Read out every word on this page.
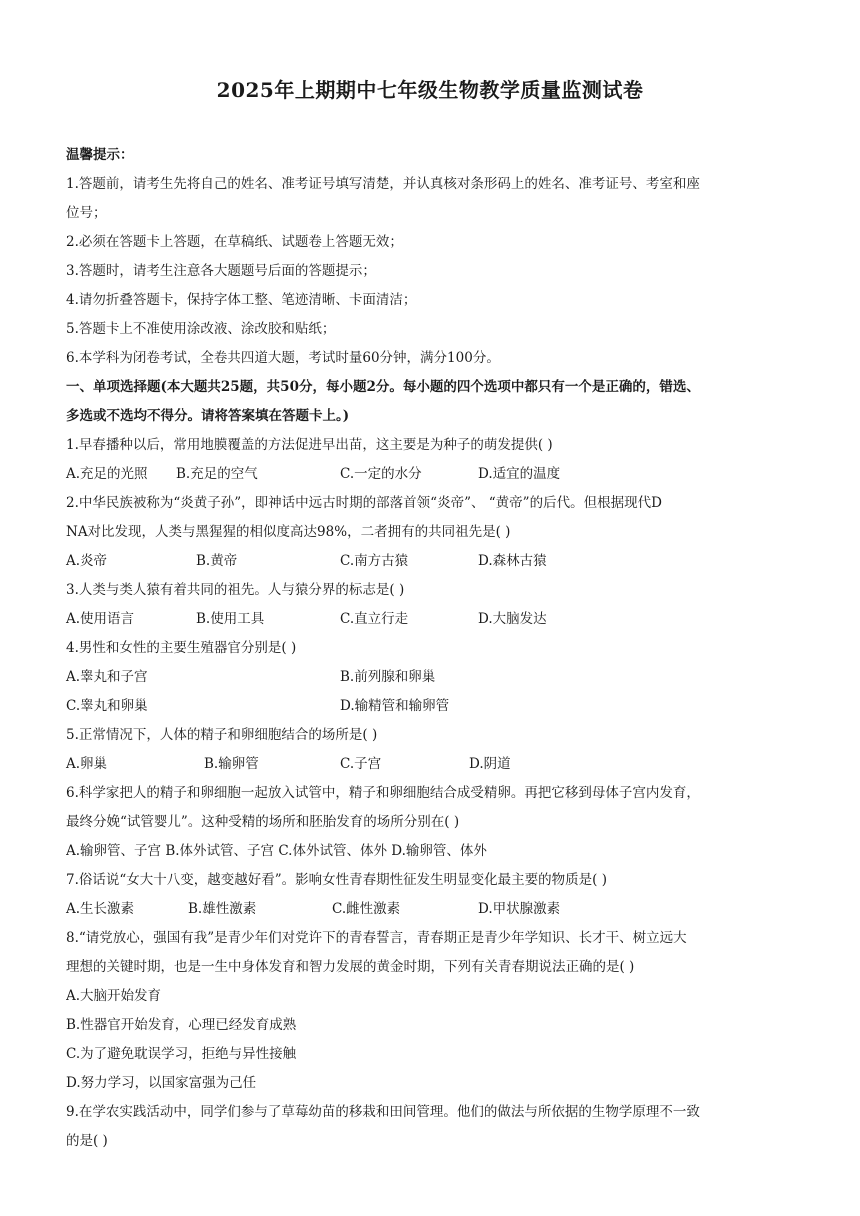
2025年上期期中七年级生物教学质量监测试卷
温馨提示：
1.答题前，请考生先将自己的姓名、准考证号填写清楚，并认真核对条形码上的姓名、准考证号、考室和座
位号；
2.必须在答题卡上答题，在草稿纸、试题卷上答题无效；
3.答题时，请考生注意各大题题号后面的答题提示；
4.请勿折叠答题卡，保持字体工整、笔迹清晰、卡面清洁；
5.答题卡上不准使用涂改液、涂改胶和贴纸；
6.本学科为闭卷考试，全卷共四道大题，考试时量60分钟，满分100分。
一、单项选择题(本大题共25题，共50分，每小题2分。每小题的四个选项中都只有一个是正确的，错选、
多选或不选均不得分。请将答案填在答题卡上。)
1.早春播种以后，常用地膜覆盖的方法促进早出苗，这主要是为种子的萌发提供( )
A.充足的光照 B.充足的空气	C.一定的水分	D.适宜的温度
2.中华民族被称为“炎黄子孙”，即神话中远古时期的部落首领“炎帝”、 “黄帝”的后代。但根据现代D
NA对比发现，人类与黑猩猩的相似度高达98%，二者拥有的共同祖先是( )
A.炎帝	B.黄帝	C.南方古猿	D.森林古猿
3.人类与类人猿有着共同的祖先。人与猿分界的标志是( )
A.使用语言	B.使用工具	C.直立行走	D.大脑发达
4.男性和女性的主要生殖器官分别是( )
A.睾丸和子宫	B.前列腺和卵巢
C.睾丸和卵巢	D.输精管和输卵管
5.正常情况下，人体的精子和卵细胞结合的场所是( )
A.卵巢	B.输卵管	C.子宫	D.阴道
6.科学家把人的精子和卵细胞一起放入试管中，精子和卵细胞结合成受精卵。再把它移到母体子宫内发育，
最终分娩“试管婴儿”。这种受精的场所和胚胎发育的场所分别在( )
A.输卵管、子宫 B.体外试管、子宫 C.体外试管、体外 D.输卵管、体外
7.俗话说“女大十八变，越变越好看”。影响女性青春期性征发生明显变化最主要的物质是( )
A.生长激素	B.雄性激素	C.雌性激素	D.甲状腺激素
8.“请党放心，强国有我”是青少年们对党许下的青春誓言，青春期正是青少年学知识、长才干、树立远大
理想的关键时期，也是一生中身体发育和智力发展的黄金时期，下列有关青春期说法正确的是( )
A.大脑开始发育
B.性器官开始发育，心理已经发育成熟
C.为了避免耽误学习，拒绝与异性接触
D.努力学习，以国家富强为己任
9.在学农实践活动中，同学们参与了草莓幼苗的移栽和田间管理。他们的做法与所依据的生物学原理不一致
的是( )
